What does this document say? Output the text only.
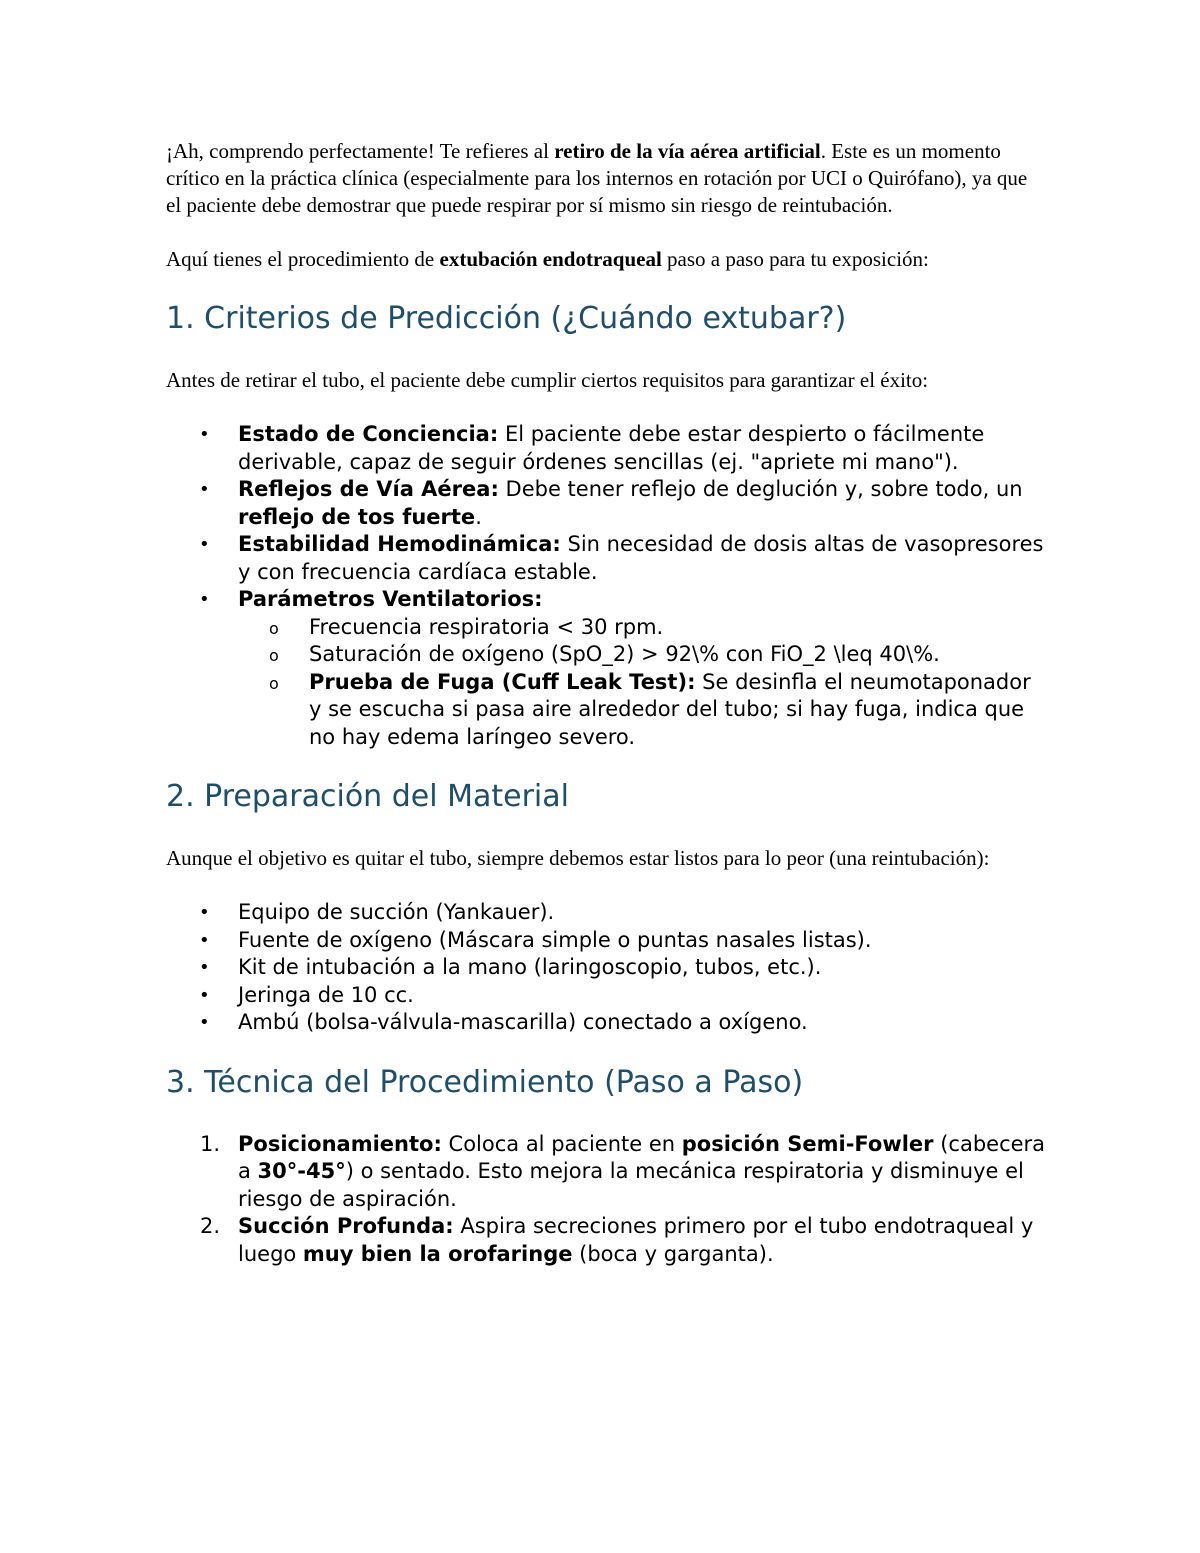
¡Ah, comprendo perfectamente! Te refieres al retiro de la vía aérea artificial. Este es un momento crítico en la práctica clínica (especialmente para los internos en rotación por UCI o Quirófano), ya que el paciente debe demostrar que puede respirar por sí mismo sin riesgo de reintubación.

Aquí tienes el procedimiento de extubación endotraqueal paso a paso para tu exposición:

1. Criterios de Predicción (¿Cuándo extubar?)

Antes de retirar el tubo, el paciente debe cumplir ciertos requisitos para garantizar el éxito:

• Estado de Conciencia: El paciente debe estar despierto o fácilmente derivable, capaz de seguir órdenes sencillas (ej. "apriete mi mano").
• Reflejos de Vía Aérea: Debe tener reflejo de deglución y, sobre todo, un reflejo de tos fuerte.
• Estabilidad Hemodinámica: Sin necesidad de dosis altas de vasopresores y con frecuencia cardíaca estable.
• Parámetros Ventilatorios:
o Frecuencia respiratoria < 30 rpm.
o Saturación de oxígeno (SpO_2) > 92\% con FiO_2 \leq 40\%.
o Prueba de Fuga (Cuff Leak Test): Se desinfla el neumotaponador y se escucha si pasa aire alrededor del tubo; si hay fuga, indica que no hay edema laríngeo severo.
2. Preparación del Material

Aunque el objetivo es quitar el tubo, siempre debemos estar listos para lo peor (una reintubación):

• Equipo de succión (Yankauer).
• Fuente de oxígeno (Máscara simple o puntas nasales listas).
• Kit de intubación a la mano (laringoscopio, tubos, etc.).
• Jeringa de 10 cc.
• Ambú (bolsa-válvula-mascarilla) conectado a oxígeno.
3. Técnica del Procedimiento (Paso a Paso)
1. Posicionamiento: Coloca al paciente en posición Semi-Fowler (cabecera a 30°-45°) o sentado. Esto mejora la mecánica respiratoria y disminuye el riesgo de aspiración.
2. Succión Profunda: Aspira secreciones primero por el tubo endotraqueal y luego muy bien la orofaringe (boca y garganta).
